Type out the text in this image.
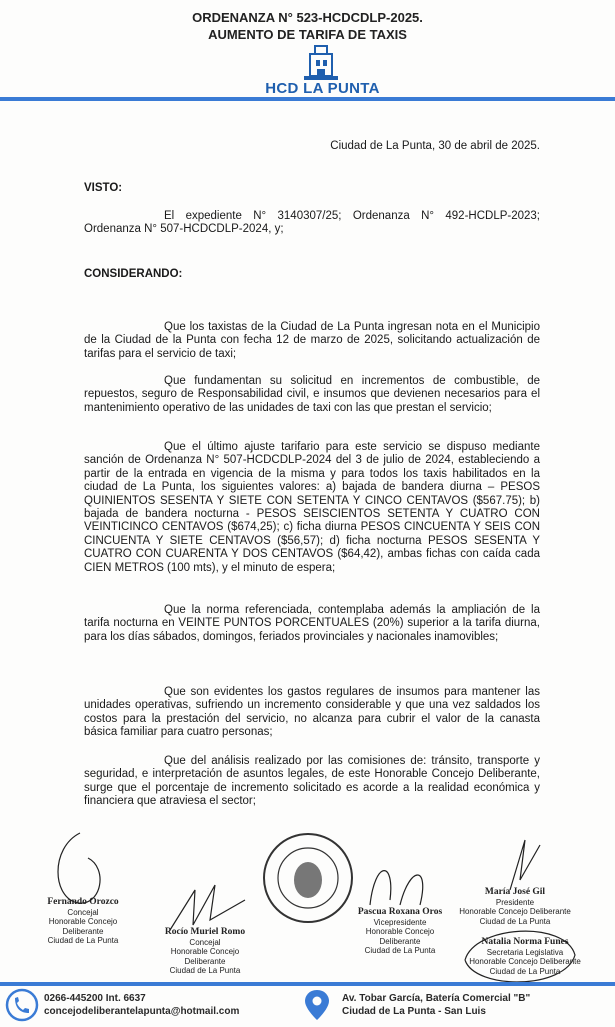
ORDENANZA N° 523-HCDCDLP-2025.
AUMENTO DE TARIFA DE TAXIS
HCD LA PUNTA
Ciudad de La Punta, 30 de abril de 2025.
VISTO:
El expediente N° 3140307/25; Ordenanza N° 492-HCDLP-2023; Ordenanza N° 507-HCDCDLP-2024, y;
CONSIDERANDO:
Que los taxistas de la Ciudad de La Punta ingresan nota en el Municipio de la Ciudad de la Punta con fecha 12 de marzo de 2025, solicitando actualización de tarifas para el servicio de taxi;
Que fundamentan su solicitud en incrementos de combustible, de repuestos, seguro de Responsabilidad civil, e insumos que devienen necesarios para el mantenimiento operativo de las unidades de taxi con las que prestan el servicio;
Que el último ajuste tarifario para este servicio se dispuso mediante sanción de Ordenanza N° 507-HCDCDLP-2024 del 3 de julio de 2024, estableciendo a partir de la entrada en vigencia de la misma y para todos los taxis habilitados en la ciudad de La Punta, los siguientes valores: a) bajada de bandera diurna – PESOS QUINIENTOS SESENTA Y SIETE CON SETENTA Y CINCO CENTAVOS ($567.75); b) bajada de bandera nocturna - PESOS SEISCIENTOS SETENTA Y CUATRO CON VEINTICINCO CENTAVOS ($674,25); c) ficha diurna PESOS CINCUENTA Y SEIS CON CINCUENTA Y SIETE CENTAVOS ($56,57); d) ficha nocturna PESOS SESENTA Y CUATRO CON CUARENTA Y DOS CENTAVOS ($64,42), ambas fichas con caída cada CIEN METROS (100 mts), y el minuto de espera;
Que la norma referenciada, contemplaba además la ampliación de la tarifa nocturna en VEINTE PUNTOS PORCENTUALES (20%) superior a la tarifa diurna, para los días sábados, domingos, feriados provinciales y nacionales inamovibles;
Que son evidentes los gastos regulares de insumos para mantener las unidades operativas, sufriendo un incremento considerable y que una vez saldados los costos para la prestación del servicio, no alcanza para cubrir el valor de la canasta básica familiar para cuatro personas;
Que del análisis realizado por las comisiones de: tránsito, transporte y seguridad, e interpretación de asuntos legales, de este Honorable Concejo Deliberante, surge que el porcentaje de incremento solicitado es acorde a la realidad económica y financiera que atraviesa el sector;
Fernando Orozco
Concejal
Honorable Concejo Deliberante
Ciudad de La Punta
Rocío Muriel Romo
Concejal
Honorable Concejo Deliberante
Ciudad de La Punta
Pascua Roxana Oros
Vicepresidente
Honorable Concejo Deliberante
Ciudad de La Punta
María José Gil
Presidente
Honorable Concejo Deliberante
Ciudad de La Punta
Natalia Norma Funes
Secretaria Legislativa
Honorable Concejo Deliberante
Ciudad de La Punta
0266-445200 Int. 6637
concejodeliberantelapunta@hotmail.com
Av. Tobar García, Batería Comercial "B"
Ciudad de La Punta - San Luis
